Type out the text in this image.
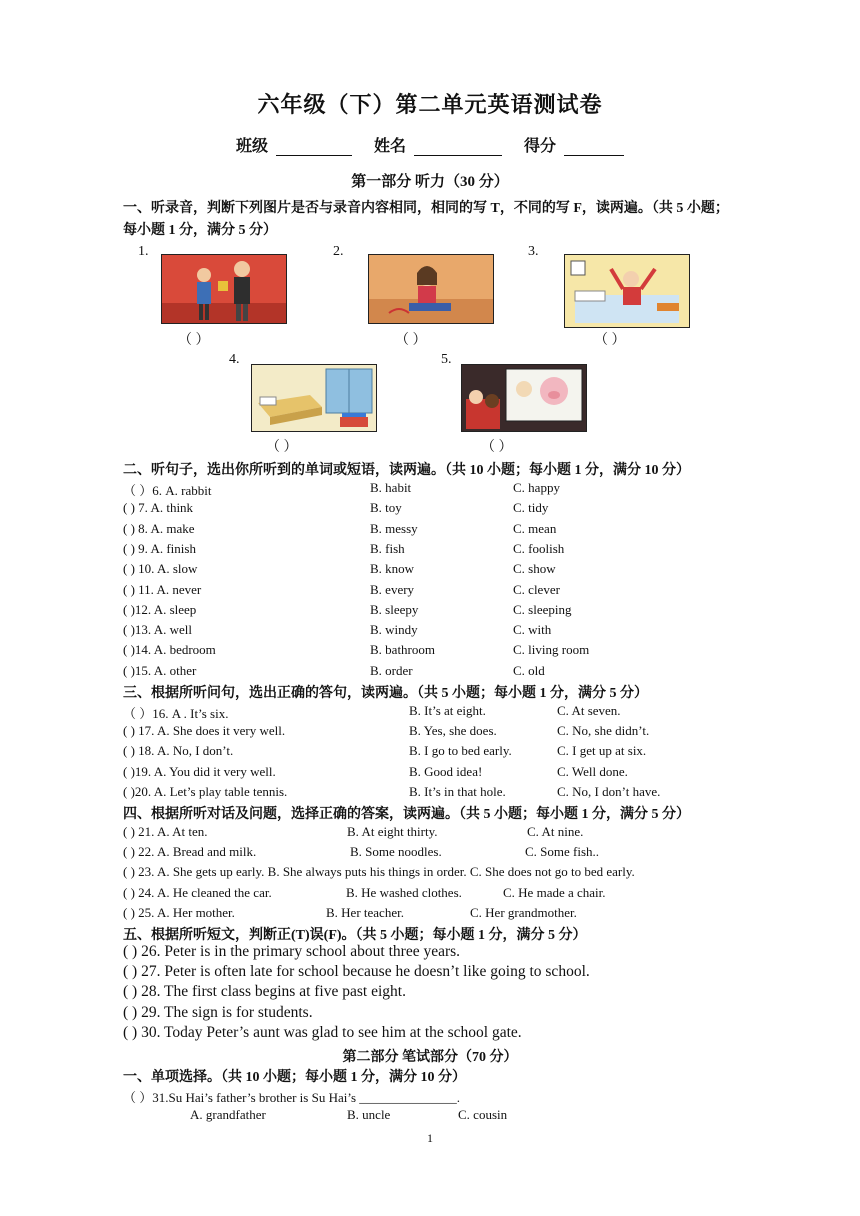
六年级（下）第二单元英语测试卷
班级	姓名	得分
第一部分 听力（30 分）
一、听录音，判断下列图片是否与录音内容相同，相同的写 T，不同的写 F，读两遍。（共 5 小题；
每小题 1 分，满分 5 分）
1.
（ ）
2.
（ ）
3.
（ ）
4.
（ ）
5.
（ ）
二、听句子，选出你所听到的单词或短语，读两遍。（共 10 小题；每小题 1 分，满分 10 分）
（ ）6. A. rabbit	B. habit	C. happy
( ) 7. A. think	B. toy	C. tidy
( ) 8. A. make	B. messy	C. mean
( ) 9. A. finish	B. fish	C. foolish
( ) 10. A. slow	B. know	C. show
( ) 11. A. never	B. every	C. clever
( )12. A. sleep	B. sleepy	C. sleeping
( )13. A. well	B. windy	C. with
( )14. A. bedroom	B. bathroom	C. living room
( )15. A. other	B. order	C. old
三、根据所听问句，选出正确的答句，读两遍。（共 5 小题；每小题 1 分，满分 5 分）
（ ）16. A . It’s six.	B. It’s at eight.	C. At seven.
( ) 17. A. She does it very well.	B. Yes, she does.	C. No, she didn’t.
( ) 18. A. No, I don’t.	B. I go to bed early.	C. I get up at six.
( )19. A. You did it very well.	B. Good idea!	C. Well done.
( )20. A. Let’s play table tennis.	B. It’s in that hole.	C. No, I don’t have.
四、根据所听对话及问题，选择正确的答案，读两遍。（共 5 小题；每小题 1 分，满分 5 分）
( ) 21. A. At ten.	B. At eight thirty.	C. At nine.
( ) 22. A. Bread and milk.	B. Some noodles.	C. Some fish..
( ) 23. A. She gets up early. B. She always puts his things in order. C. She does not go to bed early.
( ) 24. A. He cleaned the car.	B. He washed clothes.	C. He made a chair.
( ) 25. A. Her mother.	B. Her teacher.	C. Her grandmother.
五、根据所听短文，判断正(T)误(F)。（共 5 小题；每小题 1 分，满分 5 分）
( ) 26. Peter is in the primary school about three years.
( ) 27. Peter is often late for school because he doesn’t like going to school.
( ) 28. The first class begins at five past eight.
( ) 29. The sign is for students.
( ) 30. Today Peter’s aunt was glad to see him at the school gate.
第二部分 笔试部分（70 分）
一、单项选择。（共 10 小题；每小题 1 分，满分 10 分）
（ ）31.Su Hai’s father’s brother is Su Hai’s _______________.
A. grandfather	B. uncle	C. cousin
1
